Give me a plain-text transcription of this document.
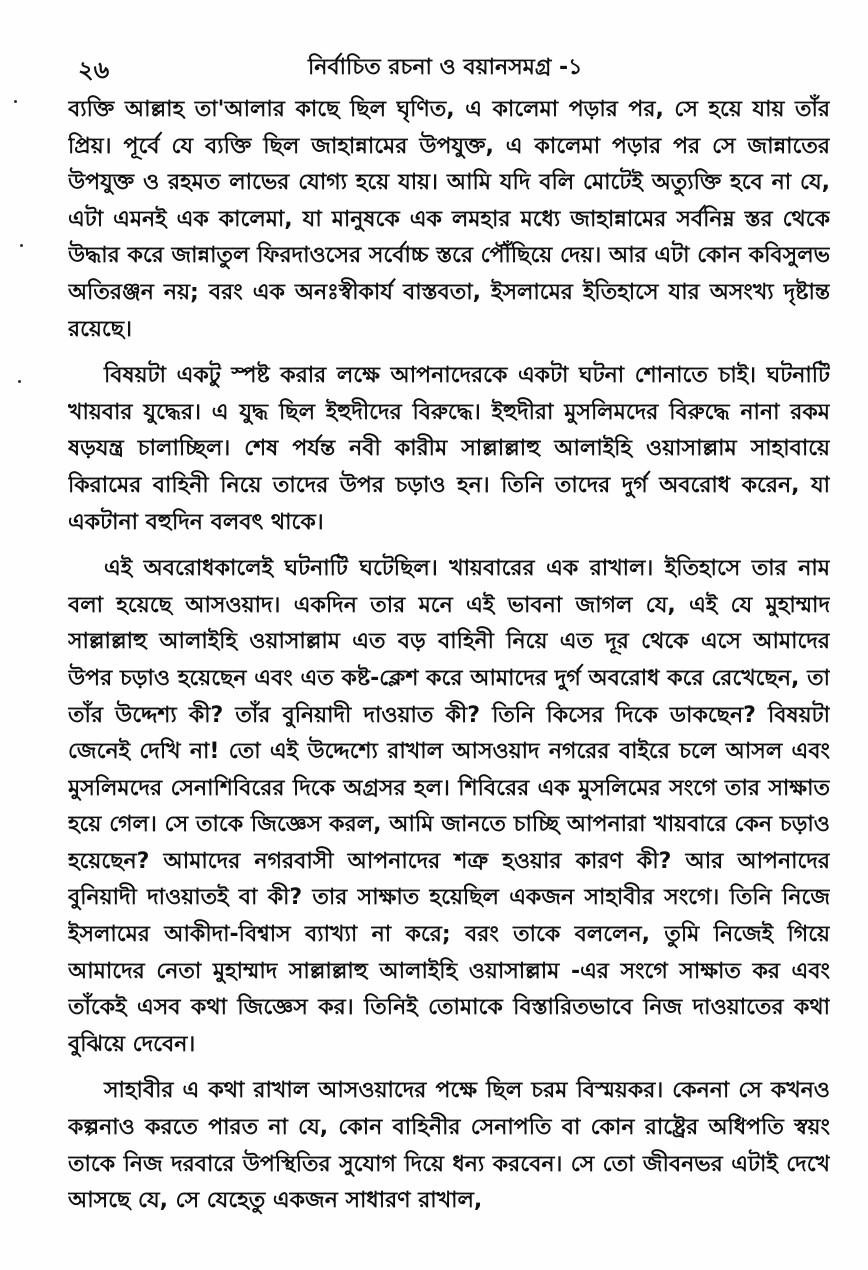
২৬	নির্বাচিত রচনা ও বয়ানসমগ্র -১

ব্যক্তি আল্লাহ তা'আলার কাছে ছিল ঘৃণিত, এ কালেমা পড়ার পর, সে হয়ে যায় তাঁর প্রিয়। পূর্বে যে ব্যক্তি ছিল জাহান্নামের উপযুক্ত, এ কালেমা পড়ার পর সে জান্নাতের উপযুক্ত ও রহমত লাভের যোগ্য হয়ে যায়। আমি যদি বলি মোটেই অত্যুক্তি হবে না যে, এটা এমনই এক কালেমা, যা মানুষকে এক লমহার মধ্যে জাহান্নামের সর্বনিম্ন স্তর থেকে উদ্ধার করে জান্নাতুল ফিরদাওসের সর্বোচ্চ স্তরে পৌঁছিয়ে দেয়। আর এটা কোন কবিসুলভ অতিরঞ্জন নয়; বরং এক অনঃস্বীকার্য বাস্তবতা, ইসলামের ইতিহাসে যার অসংখ্য দৃষ্টান্ত রয়েছে।

বিষয়টা একটু স্পষ্ট করার লক্ষে আপনাদেরকে একটা ঘটনা শোনাতে চাই। ঘটনাটি খায়বার যুদ্ধের। এ যুদ্ধ ছিল ইহুদীদের বিরুদ্ধে। ইহুদীরা মুসলিমদের বিরুদ্ধে নানা রকম ষড়যন্ত্র চালাচ্ছিল। শেষ পর্যন্ত নবী কারীম সাল্লাল্লাহু আলাইহি ওয়াসাল্লাম সাহাবায়ে কিরামের বাহিনী নিয়ে তাদের উপর চড়াও হন। তিনি তাদের দুর্গ অবরোধ করেন, যা একটানা বহুদিন বলবৎ থাকে।

এই অবরোধকালেই ঘটনাটি ঘটেছিল। খায়বারের এক রাখাল। ইতিহাসে তার নাম বলা হয়েছে আসওয়াদ। একদিন তার মনে এই ভাবনা জাগল যে, এই যে মুহাম্মাদ সাল্লাল্লাহু আলাইহি ওয়াসাল্লাম এত বড় বাহিনী নিয়ে এত দূর থেকে এসে আমাদের উপর চড়াও হয়েছেন এবং এত কষ্ট-ক্লেশ করে আমাদের দুর্গ অবরোধ করে রেখেছেন, তা তাঁর উদ্দেশ্য কী? তাঁর বুনিয়াদী দাওয়াত কী? তিনি কিসের দিকে ডাকছেন? বিষয়টা জেনেই দেখি না! তো এই উদ্দেশ্যে রাখাল আসওয়াদ নগরের বাইরে চলে আসল এবং মুসলিমদের সেনাশিবিরের দিকে অগ্রসর হল। শিবিরের এক মুসলিমের সংগে তার সাক্ষাত হয়ে গেল। সে তাকে জিজ্ঞেস করল, আমি জানতে চাচ্ছি আপনারা খায়বারে কেন চড়াও হয়েছেন? আমাদের নগরবাসী আপনাদের শত্রু হওয়ার কারণ কী? আর আপনাদের বুনিয়াদী দাওয়াতই বা কী? তার সাক্ষাত হয়েছিল একজন সাহাবীর সংগে। তিনি নিজে ইসলামের আকীদা-বিশ্বাস ব্যাখ্যা না করে; বরং তাকে বললেন, তুমি নিজেই গিয়ে আমাদের নেতা মুহাম্মাদ সাল্লাল্লাহু আলাইহি ওয়াসাল্লাম -এর সংগে সাক্ষাত কর এবং তাঁকেই এসব কথা জিজ্ঞেস কর। তিনিই তোমাকে বিস্তারিতভাবে নিজ দাওয়াতের কথা বুঝিয়ে দেবেন।

সাহাবীর এ কথা রাখাল আসওয়াদের পক্ষে ছিল চরম বিস্ময়কর। কেননা সে কখনও কল্পনাও করতে পারত না যে, কোন বাহিনীর সেনাপতি বা কোন রাষ্ট্রের অধিপতি স্বয়ং তাকে নিজ দরবারে উপস্থিতির সুযোগ দিয়ে ধন্য করবেন। সে তো জীবনভর এটাই দেখে আসছে যে, সে যেহেতু একজন সাধারণ রাখাল,
